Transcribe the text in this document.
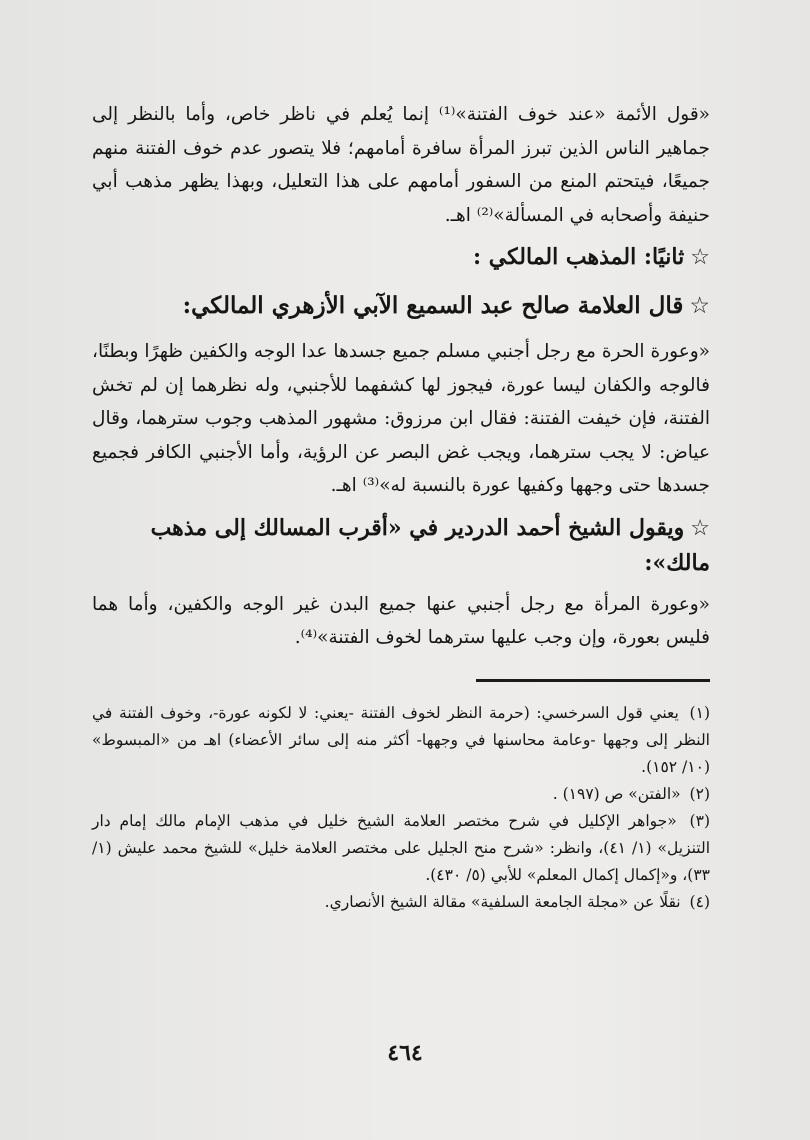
«قول الأئمة «عند خوف الفتنة»⁽¹⁾ إنما يُعلم في ناظر خاص، وأما بالنظر إلى جماهير الناس الذين تبرز المرأة سافرة أمامهم؛ فلا يتصور عدم خوف الفتنة منهم جميعًا، فيتحتم المنع من السفور أمامهم على هذا التعليل، وبهذا يظهر مذهب أبي حنيفة وأصحابه في المسألة»⁽²⁾ اهـ.

☆ثانيًا: المذهب المالكي :

☆قال العلامة صالح عبد السميع الآبي الأزهري المالكي:

«وعورة الحرة مع رجل أجنبي مسلم جميع جسدها عدا الوجه والكفين ظهرًا وبطنًا، فالوجه والكفان ليسا عورة، فيجوز لها كشفهما للأجنبي، وله نظرهما إن لم تخش الفتنة، فإن خيفت الفتنة: فقال ابن مرزوق: مشهور المذهب وجوب سترهما، وقال عياض: لا يجب سترهما، ويجب غض البصر عن الرؤية، وأما الأجنبي الكافر فجميع جسدها حتى وجهها وكفيها عورة بالنسبة له»⁽³⁾ اهـ.

☆ويقول الشيخ أحمد الدردير في «أقرب المسالك إلى مذهب مالك»:

«وعورة المرأة مع رجل أجنبي عنها جميع البدن غير الوجه والكفين، وأما هما فليس بعورة، وإن وجب عليها سترهما لخوف الفتنة»⁽⁴⁾.

(١) يعني قول السرخسي: (حرمة النظر لخوف الفتنة -يعني: لا لكونه عورة-، وخوف الفتنة في النظر إلى وجهها -وعامة محاسنها في وجهها- أكثر منه إلى سائر الأعضاء) اهـ من «المبسوط» (١٠/ ١٥٢).

(٢) «الفتن» ص (١٩٧) .

(٣) «جواهر الإكليل في شرح مختصر العلامة الشيخ خليل في مذهب الإمام مالك إمام دار التنزيل» (١/ ٤١)، وانظر: «شرح منح الجليل على مختصر العلامة خليل» للشيخ محمد عليش (١/ ٣٣)، و«إكمال إكمال المعلم» للأبي (٥/ ٤٣٠).

(٤) نقلًا عن «مجلة الجامعة السلفية» مقالة الشيخ الأنصاري.

٤٦٤
